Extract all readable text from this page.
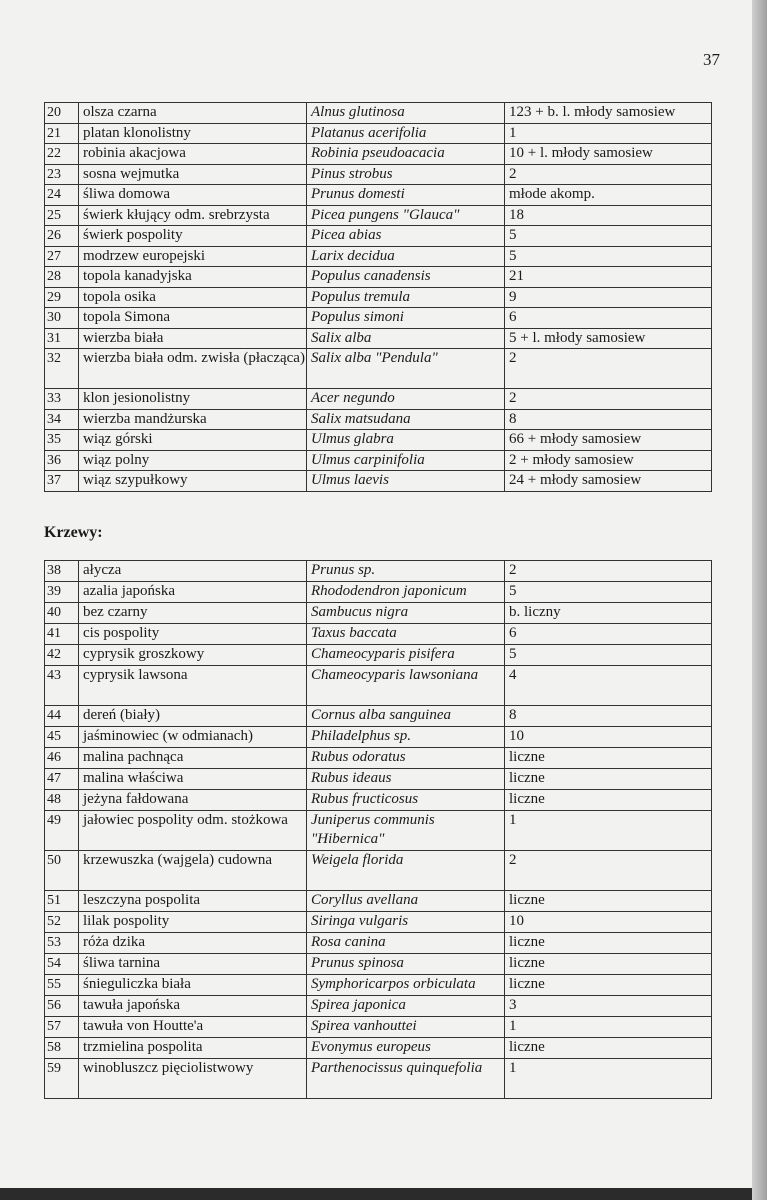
37
20	olsza czarna	Alnus glutinosa	123 + b. l. młody samosiew
21	platan klonolistny	Platanus acerifolia	1
22	robinia akacjowa	Robinia pseudoacacia	10 + l. młody samosiew
23	sosna wejmutka	Pinus strobus	2
24	śliwa domowa	Prunus domesti	młode akomp.
25	świerk kłujący odm. srebrzysta	Picea pungens "Glauca"	18
26	świerk pospolity	Picea abias	5
27	modrzew europejski	Larix decidua	5
28	topola kanadyjska	Populus canadensis	21
29	topola osika	Populus tremula	9
30	topola Simona	Populus simoni	6
31	wierzba biała	Salix alba	5 + l. młody samosiew
32	wierzba biała odm. zwisła (płacząca)	Salix alba "Pendula"	2
33	klon jesionolistny	Acer negundo	2
34	wierzba mandżurska	Salix matsudana	8
35	wiąz górski	Ulmus glabra	66 + młody samosiew
36	wiąz polny	Ulmus carpinifolia	2 + młody samosiew
37	wiąz szypułkowy	Ulmus laevis	24 + młody samosiew
Krzewy:
38	ałycza	Prunus sp.	2
39	azalia japońska	Rhododendron japonicum	5
40	bez czarny	Sambucus nigra	b. liczny
41	cis pospolity	Taxus baccata	6
42	cyprysik groszkowy	Chameocyparis pisifera	5
43	cyprysik lawsona	Chameocyparis lawsoniana	4
44	dereń (biały)	Cornus alba sanguinea	8
45	jaśminowiec (w odmianach)	Philadelphus sp.	10
46	malina pachnąca	Rubus odoratus	liczne
47	malina właściwa	Rubus ideaus	liczne
48	jeżyna fałdowana	Rubus fructicosus	liczne
49	jałowiec pospolity odm. stożkowa	Juniperus communis "Hibernica"	1
50	krzewuszka (wajgela) cudowna	Weigela florida	2
51	leszczyna pospolita	Coryllus avellana	liczne
52	lilak pospolity	Siringa vulgaris	10
53	róża dzika	Rosa canina	liczne
54	śliwa tarnina	Prunus spinosa	liczne
55	śnieguliczka biała	Symphoricarpos orbiculata	liczne
56	tawuła japońska	Spirea japonica	3
57	tawuła von Houtte'a	Spirea vanhouttei	1
58	trzmielina pospolita	Evonymus europeus	liczne
59	winobluszcz pięciolistwowy	Parthenocissus quinquefolia	1
